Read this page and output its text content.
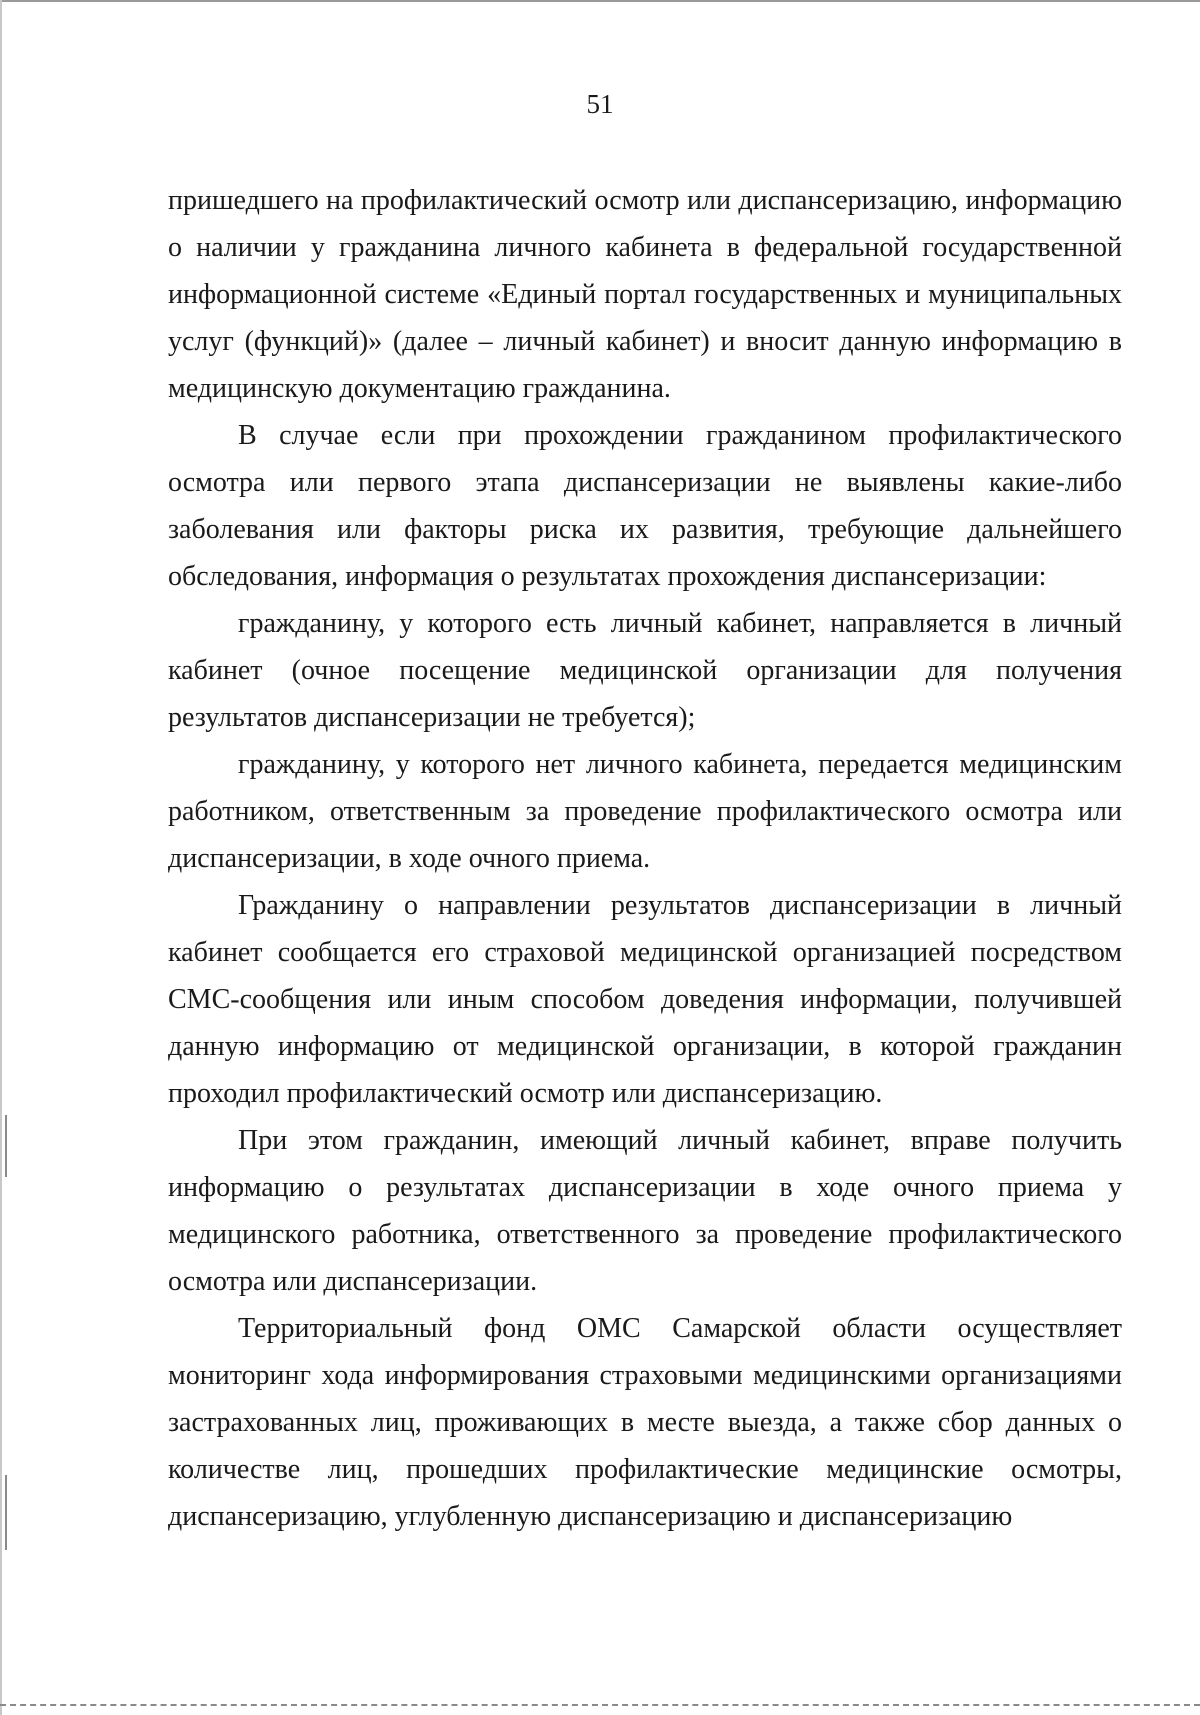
51

пришедшего на профилактический осмотр или диспансеризацию, информацию о наличии у гражданина личного кабинета в федеральной государственной информационной системе «Единый портал государственных и муниципальных услуг (функций)» (далее – личный кабинет) и вносит данную информацию в медицинскую документацию гражданина.

В случае если при прохождении гражданином профилактического осмотра или первого этапа диспансеризации не выявлены какие-либо заболевания или факторы риска их развития, требующие дальнейшего обследования, информация о результатах прохождения диспансеризации:

гражданину, у которого есть личный кабинет, направляется в личный кабинет (очное посещение медицинской организации для получения результатов диспансеризации не требуется);

гражданину, у которого нет личного кабинета, передается медицинским работником, ответственным за проведение профилактического осмотра или диспансеризации, в ходе очного приема.

Гражданину о направлении результатов диспансеризации в личный кабинет сообщается его страховой медицинской организацией посредством СМС-сообщения или иным способом доведения информации, получившей данную информацию от медицинской организации, в которой гражданин проходил профилактический осмотр или диспансеризацию.

При этом гражданин, имеющий личный кабинет, вправе получить информацию о результатах диспансеризации в ходе очного приема у медицинского работника, ответственного за проведение профилактического осмотра или диспансеризации.

Территориальный фонд ОМС Самарской области осуществляет мониторинг хода информирования страховыми медицинскими организациями застрахованных лиц, проживающих в месте выезда, а также сбор данных о количестве лиц, прошедших профилактические медицинские осмотры, диспансеризацию, углубленную диспансеризацию и диспансеризацию
